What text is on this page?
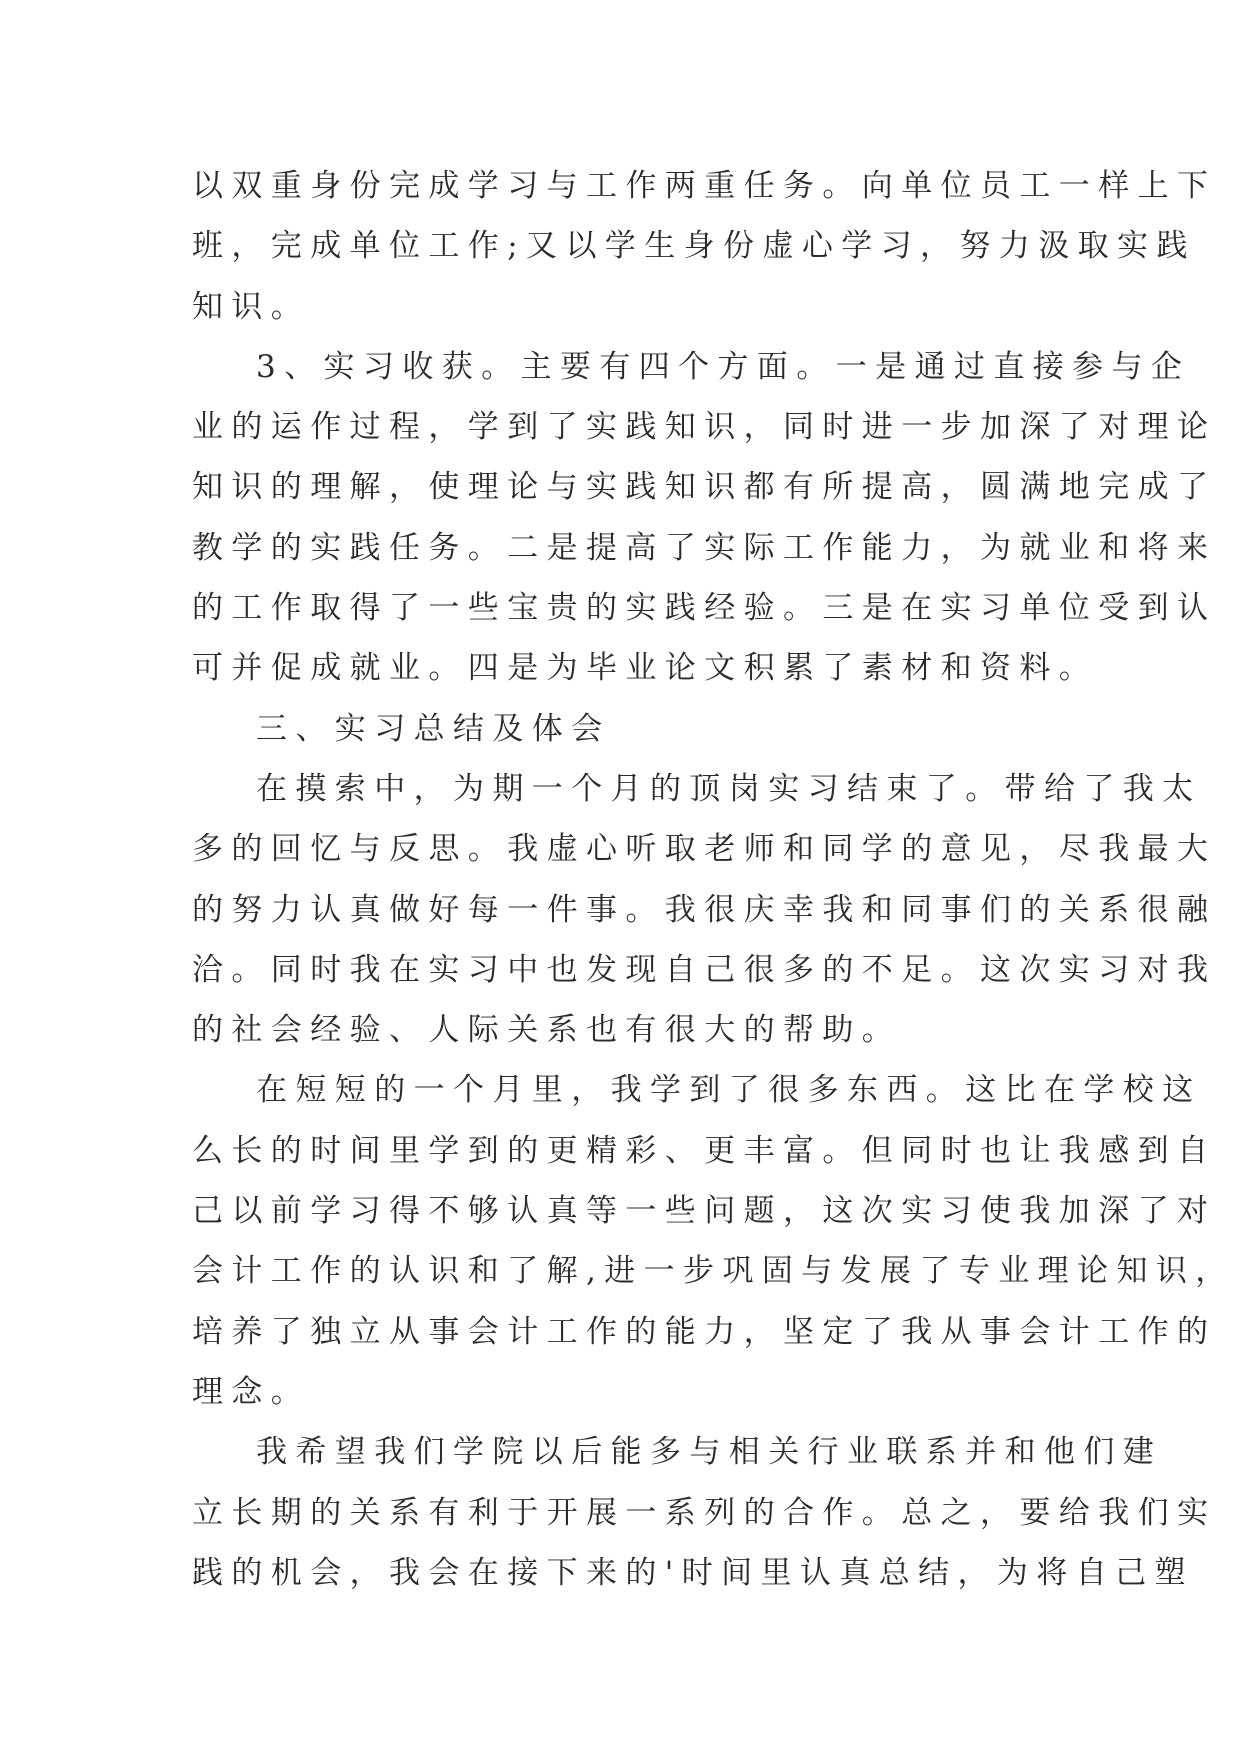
以双重身份完成学习与工作两重任务。向单位员工一样上下
班，完成单位工作;又以学生身份虚心学习，努力汲取实践
知识。
3、实习收获。主要有四个方面。一是通过直接参与企
业的运作过程，学到了实践知识，同时进一步加深了对理论
知识的理解，使理论与实践知识都有所提高，圆满地完成了
教学的实践任务。二是提高了实际工作能力，为就业和将来
的工作取得了一些宝贵的实践经验。三是在实习单位受到认
可并促成就业。四是为毕业论文积累了素材和资料。
三、实习总结及体会
在摸索中，为期一个月的顶岗实习结束了。带给了我太
多的回忆与反思。我虚心听取老师和同学的意见，尽我最大
的努力认真做好每一件事。我很庆幸我和同事们的关系很融
洽。同时我在实习中也发现自己很多的不足。这次实习对我
的社会经验、人际关系也有很大的帮助。
在短短的一个月里，我学到了很多东西。这比在学校这
么长的时间里学到的更精彩、更丰富。但同时也让我感到自
己以前学习得不够认真等一些问题，这次实习使我加深了对
会计工作的认识和了解,进一步巩固与发展了专业理论知识，
培养了独立从事会计工作的能力，坚定了我从事会计工作的
理念。
我希望我们学院以后能多与相关行业联系并和他们建
立长期的关系有利于开展一系列的合作。总之，要给我们实
践的机会，我会在接下来的'时间里认真总结，为将自己塑
